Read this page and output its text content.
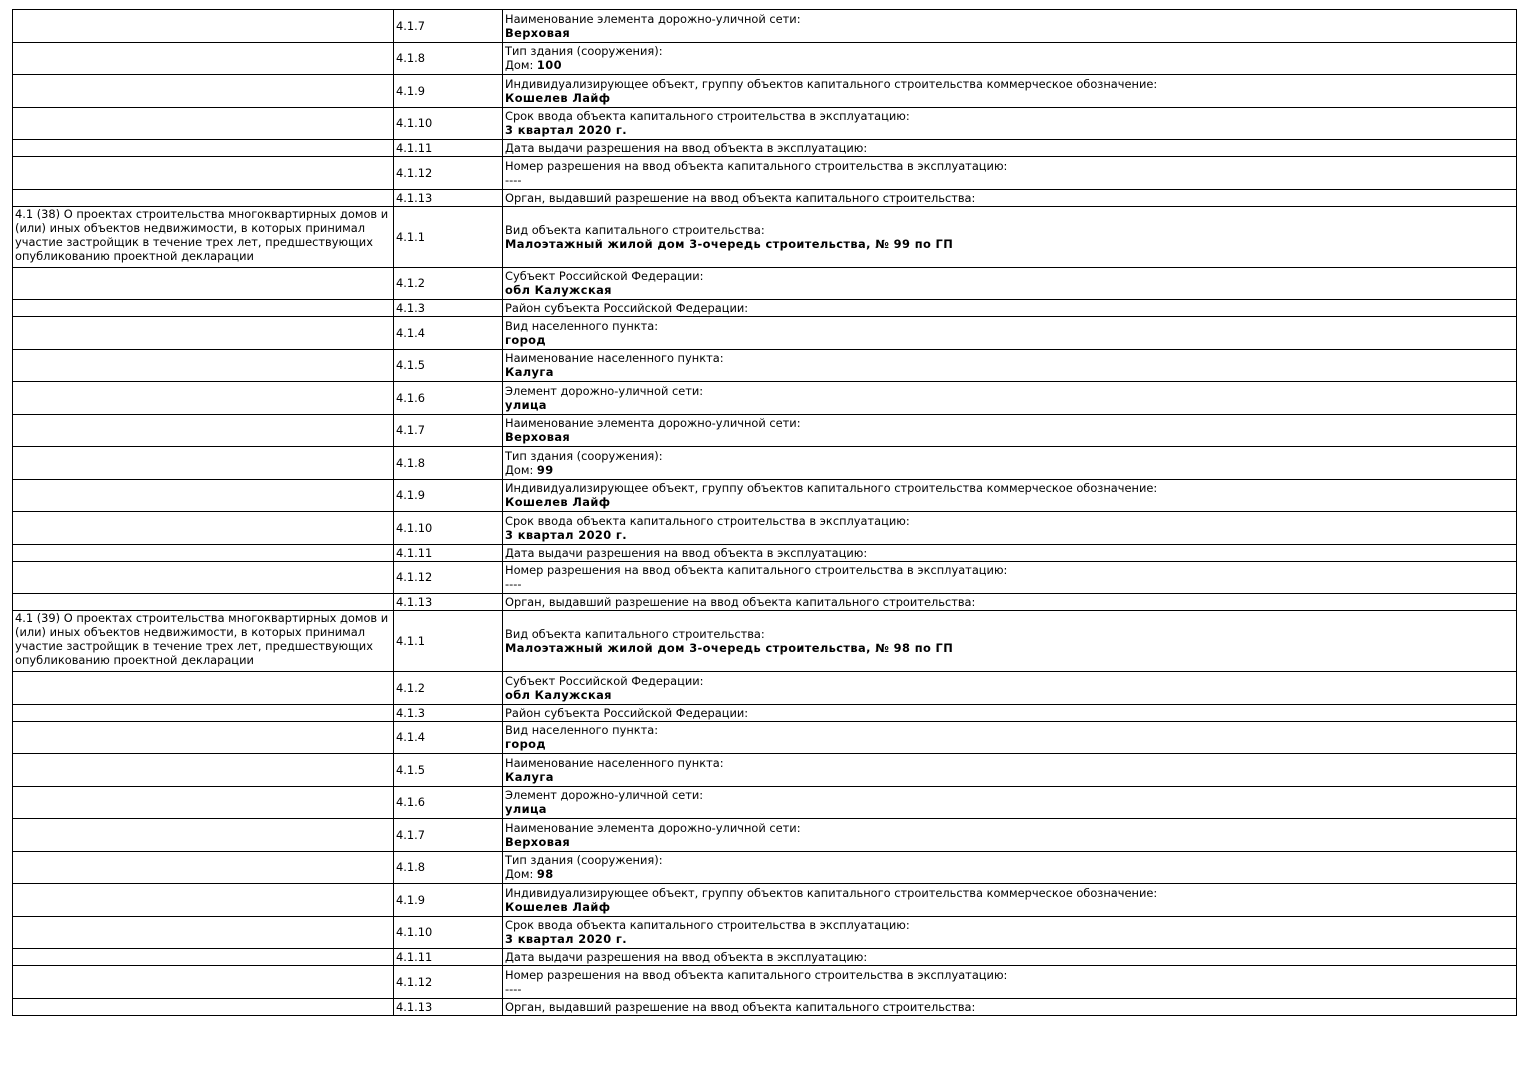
	4.1.7	Наименование элемента дорожно-уличной сети:
Верховая

	4.1.8	Тип здания (сооружения):
Дом: 100

	4.1.9	Индивидуализирующее объект, группу объектов капитального строительства коммерческое обозначение:
Кошелев Лайф

	4.1.10	Срок ввода объекта капитального строительства в эксплуатацию:
3 квартал 2020 г.

	4.1.11	Дата выдачи разрешения на ввод объекта в эксплуатацию:

	4.1.12	Номер разрешения на ввод объекта капитального строительства в эксплуатацию:
----

	4.1.13	Орган, выдавший разрешение на ввод объекта капитального строительства:

4.1 (38) О проектах строительства многоквартирных домов и (или) иных объектов недвижимости, в которых принимал участие застройщик в течение трех лет, предшествующих опубликованию проектной декларации	4.1.1	Вид объекта капитального строительства:
Малоэтажный жилой дом 3-очередь строительства, № 99 по ГП

	4.1.2	Субъект Российской Федерации:
обл Калужская

	4.1.3	Район субъекта Российской Федерации:

	4.1.4	Вид населенного пункта:
город

	4.1.5	Наименование населенного пункта:
Калуга

	4.1.6	Элемент дорожно-уличной сети:
улица

	4.1.7	Наименование элемента дорожно-уличной сети:
Верховая

	4.1.8	Тип здания (сооружения):
Дом: 99

	4.1.9	Индивидуализирующее объект, группу объектов капитального строительства коммерческое обозначение:
Кошелев Лайф

	4.1.10	Срок ввода объекта капитального строительства в эксплуатацию:
3 квартал 2020 г.

	4.1.11	Дата выдачи разрешения на ввод объекта в эксплуатацию:

	4.1.12	Номер разрешения на ввод объекта капитального строительства в эксплуатацию:
----

	4.1.13	Орган, выдавший разрешение на ввод объекта капитального строительства:

4.1 (39) О проектах строительства многоквартирных домов и (или) иных объектов недвижимости, в которых принимал участие застройщик в течение трех лет, предшествующих опубликованию проектной декларации	4.1.1	Вид объекта капитального строительства:
Малоэтажный жилой дом 3-очередь строительства, № 98 по ГП

	4.1.2	Субъект Российской Федерации:
обл Калужская

	4.1.3	Район субъекта Российской Федерации:

	4.1.4	Вид населенного пункта:
город

	4.1.5	Наименование населенного пункта:
Калуга

	4.1.6	Элемент дорожно-уличной сети:
улица

	4.1.7	Наименование элемента дорожно-уличной сети:
Верховая

	4.1.8	Тип здания (сооружения):
Дом: 98

	4.1.9	Индивидуализирующее объект, группу объектов капитального строительства коммерческое обозначение:
Кошелев Лайф

	4.1.10	Срок ввода объекта капитального строительства в эксплуатацию:
3 квартал 2020 г.

	4.1.11	Дата выдачи разрешения на ввод объекта в эксплуатацию:

	4.1.12	Номер разрешения на ввод объекта капитального строительства в эксплуатацию:
----

	4.1.13	Орган, выдавший разрешение на ввод объекта капитального строительства:
